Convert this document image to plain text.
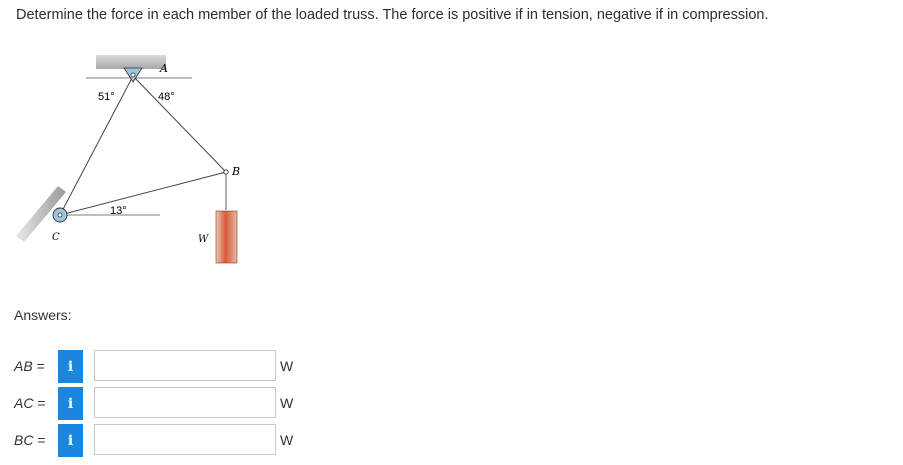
Determine the force in each member of the loaded truss. The force is positive if in tension, negative if in compression.

A
B
C	W
51°	48°
13°
Answers:
AB =	i	W
AC =	i	W
BC =	i	W
